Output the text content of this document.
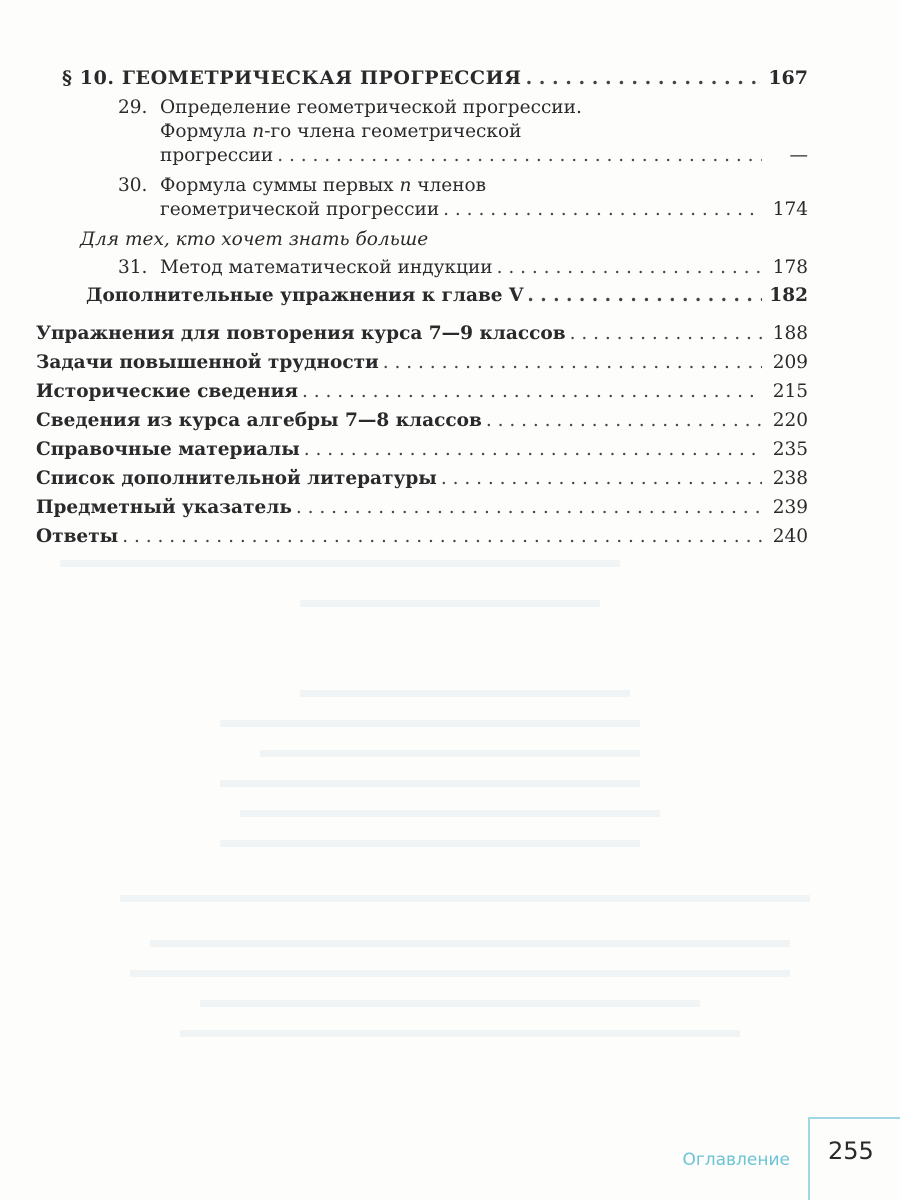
§ 10. ГЕОМЕТРИЧЕСКАЯ ПРОГРЕССИЯ . . .	167
29. Определение геометрической прогрессии.
Формула n-го члена геометрической
прогрессии . . .	—
30. Формула суммы первых n членов
геометрической прогрессии . . .	174
Для тех, кто хочет знать больше
31. Метод математической индукции . . .	178
Дополнительные упражнения к главе V . . .	182
Упражнения для повторения курса 7—9 классов . . .	188
Задачи повышенной трудности . . .	209
Исторические сведения . . .	215
Сведения из курса алгебры 7—8 классов . . .	220
Справочные материалы . . .	235
Список дополнительной литературы . . .	238
Предметный указатель . . .	239
Ответы . . .	240
Оглавление 255
